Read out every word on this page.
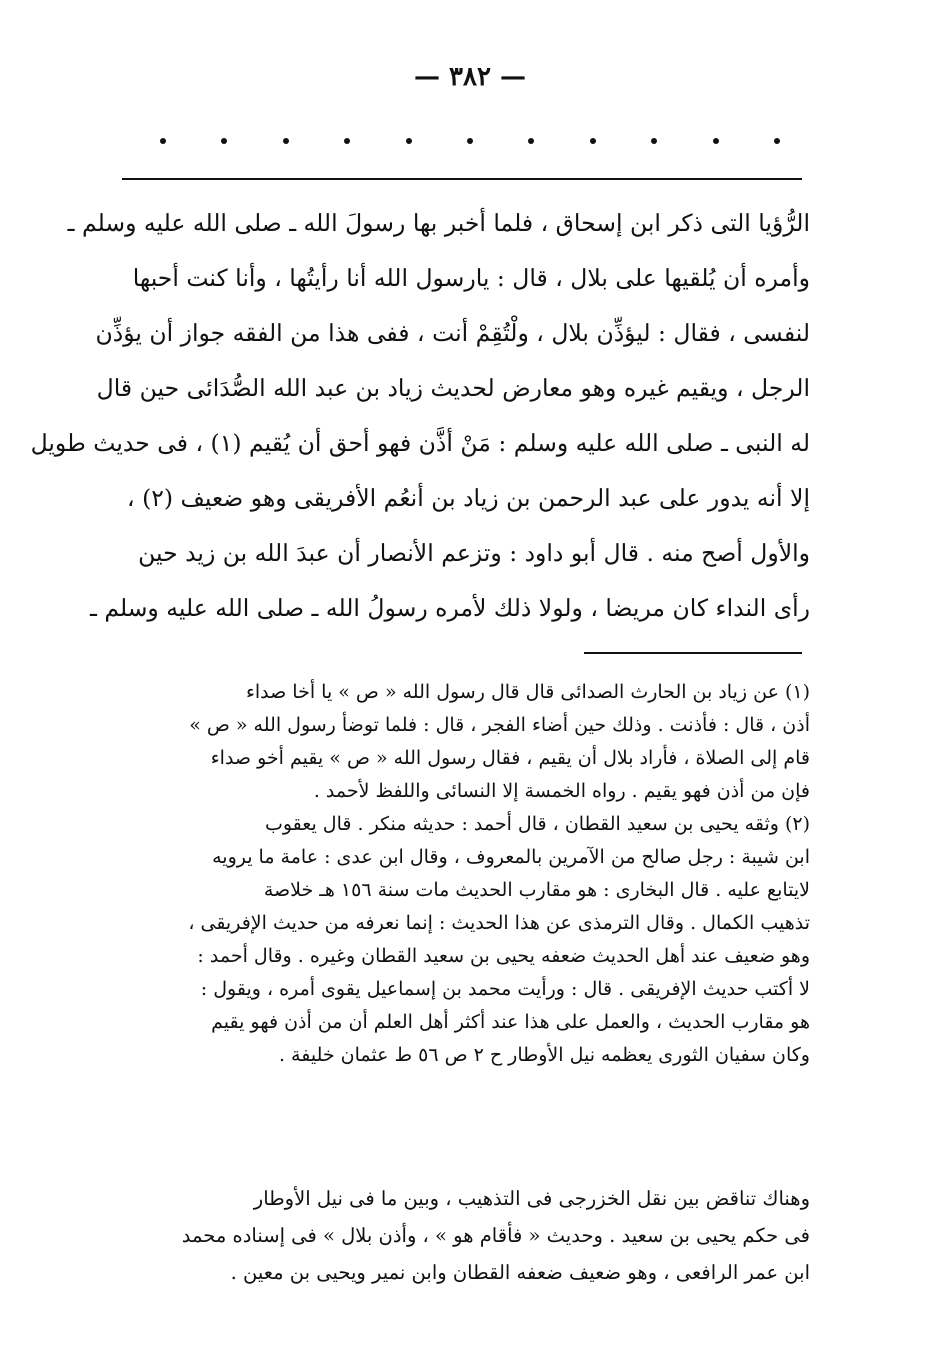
— ٣٨٢ —
الرُّؤيا التى ذكر ابن إسحاق ، فلما أخبر بها رسولَ الله ـ صلى الله عليه وسلم ـ
وأمره أن يُلقيها على بلال ، قال : يارسول الله أنا رأيتُها ، وأنا كنت أحبها
لنفسى ، فقال : ليؤذِّن بلال ، ولْتُقِمْ أنت ، ففى هذا من الفقه جواز أن يؤذِّن
الرجل ، ويقيم غيره وهو معارض لحديث زياد بن عبد الله الصُّدَائى حين قال
له النبى ـ صلى الله عليه وسلم : مَنْ أذَّن فهو أحق أن يُقيم (١) ، فى حديث طويل
إلا أنه يدور على عبد الرحمن بن زياد بن أنعُم الأفريقى وهو ضعيف (٢) ،
والأول أصح منه . قال أبو داود : وتزعم الأنصار أن عبدَ الله بن زيد حين
رأى النداء كان مريضا ، ولولا ذلك لأمره رسولُ الله ـ صلى الله عليه وسلم ـ
(١) عن زياد بن الحارث الصدائى قال قال رسول الله « ص » يا أخا صداء
أذن ، قال : فأذنت . وذلك حين أضاء الفجر ، قال : فلما توضأ رسول الله « ص »
قام إلى الصلاة ، فأراد بلال أن يقيم ، فقال رسول الله « ص » يقيم أخو صداء
فإن من أذن فهو يقيم . رواه الخمسة إلا النسائى واللفظ لأحمد .
(٢) وثقه يحيى بن سعيد القطان ، قال أحمد : حديثه منكر . قال يعقوب
ابن شيبة : رجل صالح من الآمرين بالمعروف ، وقال ابن عدى : عامة ما يرويه
لايتابع عليه . قال البخارى : هو مقارب الحديث مات سنة ١٥٦ هـ خلاصة
تذهيب الكمال . وقال الترمذى عن هذا الحديث : إنما نعرفه من حديث الإفريقى ،
وهو ضعيف عند أهل الحديث ضعفه يحيى بن سعيد القطان وغيره . وقال أحمد :
لا أكتب حديث الإفريقى . قال : ورأيت محمد بن إسماعيل يقوى أمره ، ويقول :
هو مقارب الحديث ، والعمل على هذا عند أكثر أهل العلم أن من أذن فهو يقيم
وكان سفيان الثورى يعظمه نيل الأوطار ح ٢ ص ٥٦ ط عثمان خليفة .
وهناك تناقض بين نقل الخزرجى فى التذهيب ، وبين ما فى نيل الأوطار
فى حكم يحيى بن سعيد . وحديث « فأقام هو » ، وأذن بلال » فى إسناده محمد
ابن عمر الرافعى ، وهو ضعيف ضعفه القطان وابن نمير ويحيى بن معين .
